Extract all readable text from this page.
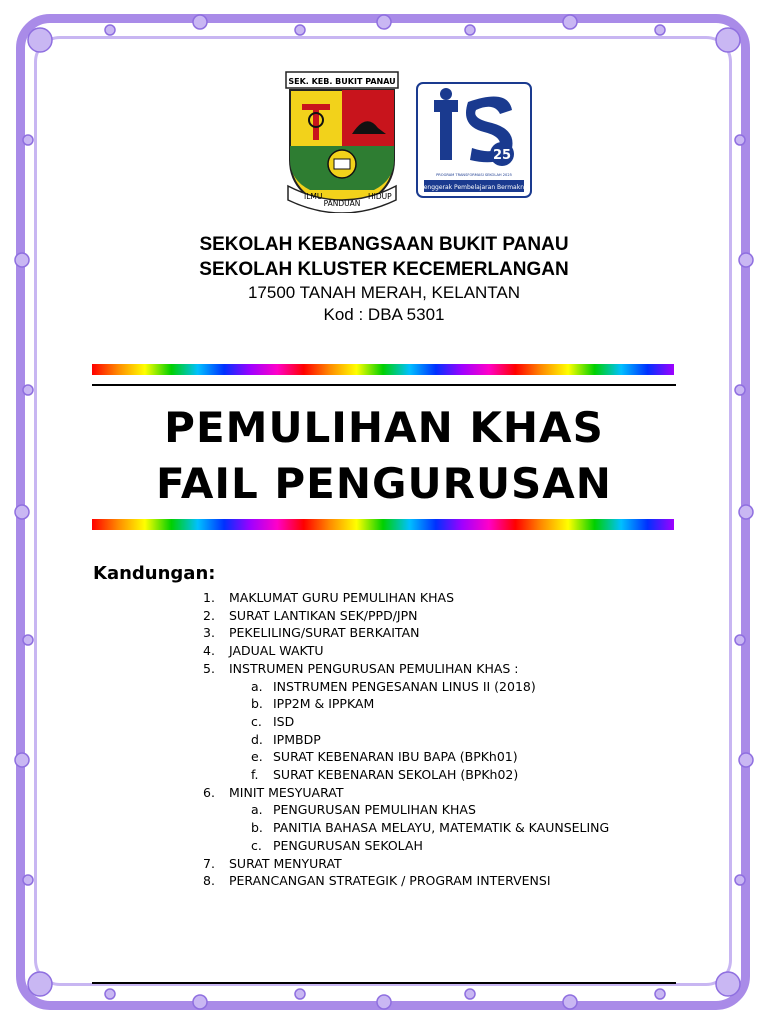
SEK. KEB. BUKIT PANAU
ILMU
PANDUAN
HIDUP
25
PROGRAM TRANSFORMASI SEKOLAH 2025
Penggerak Pembelajaran Bermakna
SEKOLAH KEBANGSAAN BUKIT PANAU
SEKOLAH KLUSTER KECEMERLANGAN
17500 TANAH MERAH, KELANTAN
Kod : DBA 5301
PEMULIHAN KHAS
FAIL PENGURUSAN
Kandungan:
1. MAKLUMAT GURU PEMULIHAN KHAS
2. SURAT LANTIKAN SEK/PPD/JPN
3. PEKELILING/SURAT BERKAITAN
4. JADUAL WAKTU
5. INSTRUMEN PENGURUSAN PEMULIHAN KHAS :
a. INSTRUMEN PENGESANAN LINUS II (2018)
b. IPP2M & IPPKAM
c. ISD
d. IPMBDP
e. SURAT KEBENARAN IBU BAPA (BPKh01)
f. SURAT KEBENARAN SEKOLAH (BPKh02)
6. MINIT MESYUARAT
a. PENGURUSAN PEMULIHAN KHAS
b. PANITIA BAHASA MELAYU, MATEMATIK & KAUNSELING
c. PENGURUSAN SEKOLAH
7. SURAT MENYURAT
8. PERANCANGAN STRATEGIK / PROGRAM INTERVENSI
